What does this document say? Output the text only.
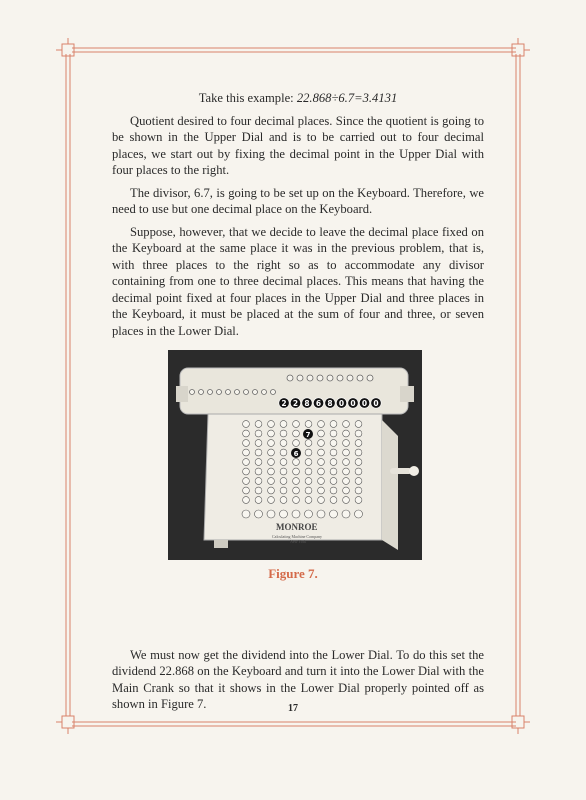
Take this example: 22.868÷6.7=3.4131

Quotient desired to four decimal places. Since the quotient is going to be shown in the Upper Dial and is to be carried out to four decimal places, we start out by fixing the decimal point in the Upper Dial with four places to the right.

The divisor, 6.7, is going to be set up on the Keyboard. Therefore, we need to use but one decimal place on the Keyboard.

Suppose, however, that we decide to leave the decimal place fixed on the Keyboard at the same place it was in the previous problem, that is, with three places to the right so as to accommodate any divisor containing from one to three decimal places. This means that having the decimal point fixed at four places in the Upper Dial and three places in the Keyboard, it must be placed at the sum of four and three, or seven places in the Lower Dial.

2 2 8 6 8 0 0 0 0
7
6
MONROE
Calculating Machine Company
New York
Figure 7.

We must now get the dividend into the Lower Dial. To do this set the dividend 22.868 on the Keyboard and turn it into the Lower Dial with the Main Crank so that it shows in the Lower Dial properly pointed off as shown in Figure 7.	17
